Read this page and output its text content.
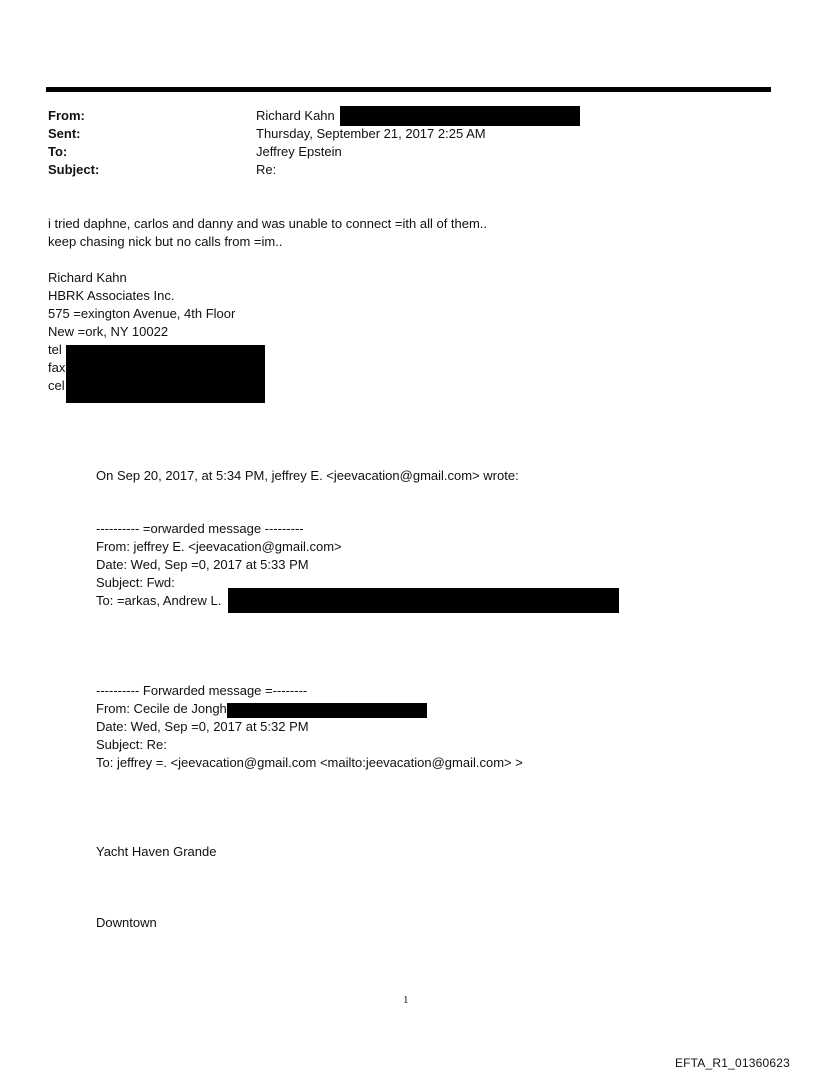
From:	Richard Kahn
Sent:	Thursday, September 21, 2017 2:25 AM
To:	Jeffrey Epstein
Subject:	Re:
i tried daphne, carlos and danny and was unable to connect =ith all of them..
keep chasing nick but no calls from =im..
Richard Kahn
HBRK Associates Inc.
575 =exington Avenue, 4th Floor
New =ork, NY 10022
tel
fax
cel
On Sep 20, 2017, at 5:34 PM, jeffrey E. <jeevacation@gmail.com> wrote:
---------- =orwarded message ---------
From: jeffrey E. <jeevacation@gmail.com>
Date: Wed, Sep =0, 2017 at 5:33 PM
Subject: Fwd:
To: =arkas, Andrew L.
---------- Forwarded message =--------
From: Cecile de Jongh
Date: Wed, Sep =0, 2017 at 5:32 PM
Subject: Re:
To: jeffrey =. <jeevacation@gmail.com <mailto:jeevacation@gmail.com> >
Yacht Haven Grande
Downtown
1
EFTA_R1_01360623
